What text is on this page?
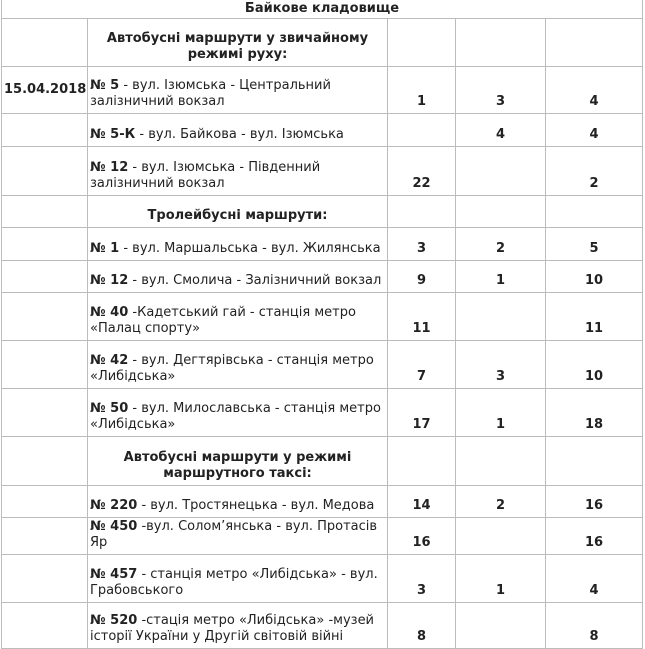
Байкове кладовище				
	Автобусні маршрути у звичайному режимі руху:			
15.04.2018	№ 5 - вул. Ізюмська - Центральний залізничний вокзал	1	3	4
	№ 5-К - вул. Байкова - вул. Ізюмська		4	4
	№ 12 - вул. Ізюмська - Південний залізничний вокзал	22		2
	Тролейбусні маршрути:			
	№ 1 - вул. Маршальська - вул. Жилянська	3	2	5
	№ 12 - вул. Смолича - Залізничний вокзал	9	1	10
	№ 40 -Кадетський гай - станція метро «Палац спорту»	11		11
	№ 42 - вул. Дегтярівська - станція метро «Либідська»	7	3	10
	№ 50 - вул. Милославська - станція метро «Либідська»	17	1	18
	Автобусні маршрути у режимі маршрутного таксі:			
	№ 220 - вул. Тростянецька - вул. Медова	14	2	16
	№ 450 -вул. Солом’янська - вул. Протасів Яр	16		16
	№ 457 - станція метро «Либідська» - вул. Грабовського	3	1	4
	№ 520 -стація метро «Либідська» -музей історії України у Другій світовій війні	8		8
